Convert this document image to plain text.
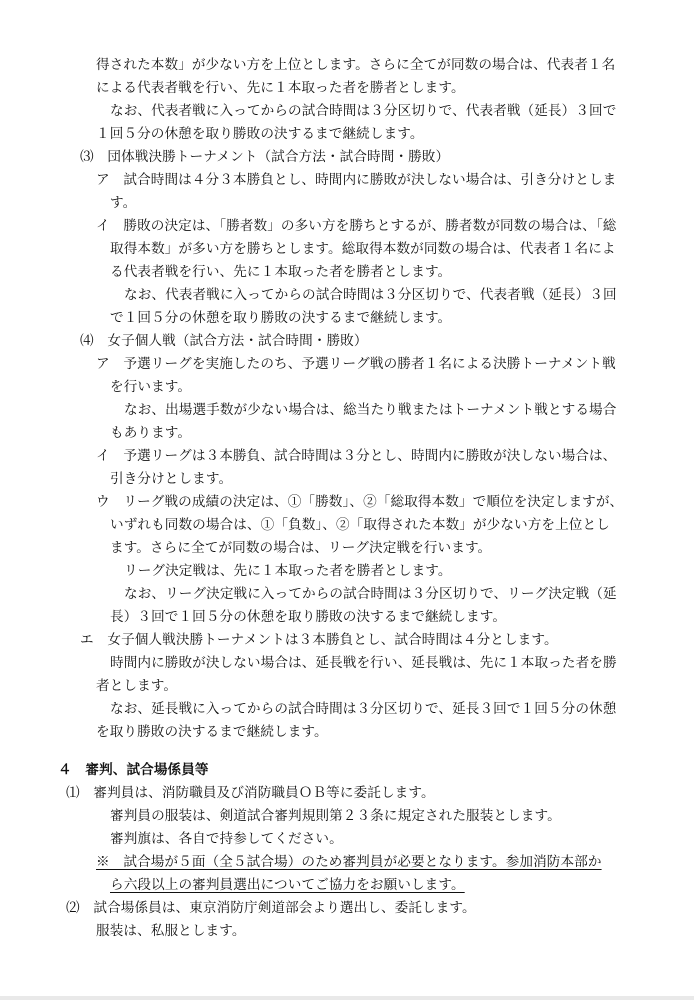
得された本数」が少ない方を上位とします。さらに全てが同数の場合は、代表者１名
による代表者戦を行い、先に１本取った者を勝者とします。
なお、代表者戦に入ってからの試合時間は３分区切りで、代表者戦（延長）３回で
１回５分の休憩を取り勝敗の決するまで継続します。
⑶　団体戦決勝トーナメント（試合方法・試合時間・勝敗）
ア　試合時間は４分３本勝負とし、時間内に勝敗が決しない場合は、引き分けとしま
す。
イ　勝敗の決定は、「勝者数」の多い方を勝ちとするが、勝者数が同数の場合は、「総
取得本数」が多い方を勝ちとします。総取得本数が同数の場合は、代表者１名によ
る代表者戦を行い、先に１本取った者を勝者とします。
なお、代表者戦に入ってからの試合時間は３分区切りで、代表者戦（延長）３回
で１回５分の休憩を取り勝敗の決するまで継続します。
⑷　女子個人戦（試合方法・試合時間・勝敗）
ア　予選リーグを実施したのち、予選リーグ戦の勝者１名による決勝トーナメント戦
を行います。
なお、出場選手数が少ない場合は、総当たり戦またはトーナメント戦とする場合
もあります。
イ　予選リーグは３本勝負、試合時間は３分とし、時間内に勝敗が決しない場合は、
引き分けとします。
ウ　リーグ戦の成績の決定は、①「勝数」、②「総取得本数」で順位を決定しますが、
いずれも同数の場合は、①「負数」、②「取得された本数」が少ない方を上位とし
ます。さらに全てが同数の場合は、リーグ決定戦を行います。
リーグ決定戦は、先に１本取った者を勝者とします。
なお、リーグ決定戦に入ってからの試合時間は３分区切りで、リーグ決定戦（延
長）３回で１回５分の休憩を取り勝敗の決するまで継続します。
エ　女子個人戦決勝トーナメントは３本勝負とし、試合時間は４分とします。
時間内に勝敗が決しない場合は、延長戦を行い、延長戦は、先に１本取った者を勝
者とします。
なお、延長戦に入ってからの試合時間は３分区切りで、延長３回で１回５分の休憩
を取り勝敗の決するまで継続します。
４　審判、試合場係員等
⑴　審判員は、消防職員及び消防職員ＯＢ等に委託します。
審判員の服装は、剣道試合審判規則第２３条に規定された服装とします。
審判旗は、各自で持参してください。
※　試合場が５面（全５試合場）のため審判員が必要となります。参加消防本部か
ら六段以上の審判員選出についてご協力をお願いします。
⑵　試合場係員は、東京消防庁剣道部会より選出し、委託します。
服装は、私服とします。
